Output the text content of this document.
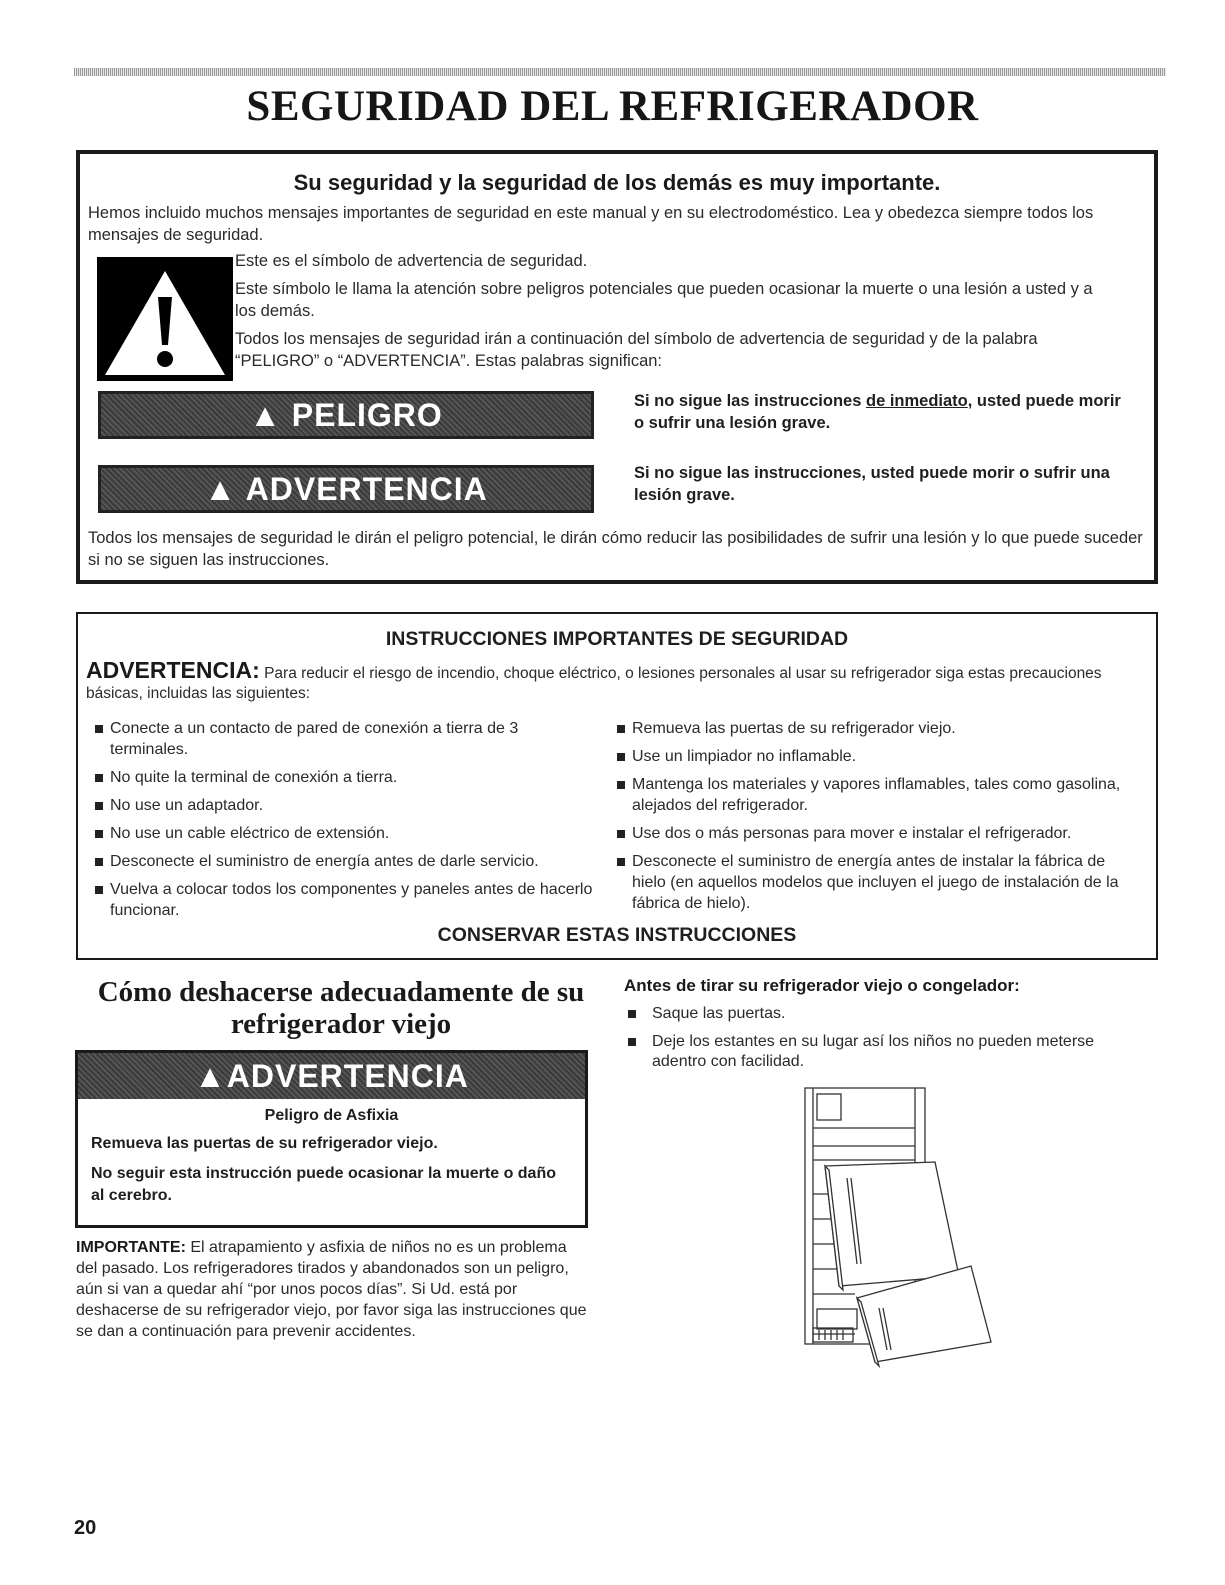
SEGURIDAD DEL REFRIGERADOR
Su seguridad y la seguridad de los demás es muy importante.
Hemos incluido muchos mensajes importantes de seguridad en este manual y en su electrodoméstico. Lea y obedezca siempre todos los mensajes de seguridad.

Este es el símbolo de advertencia de seguridad.

Este símbolo le llama la atención sobre peligros potenciales que pueden ocasionar la muerte o una lesión a usted y a los demás.

Todos los mensajes de seguridad irán a continuación del símbolo de advertencia de seguridad y de la palabra “PELIGRO” o “ADVERTENCIA”. Estas palabras significan:

▲ PELIGRO	Si no sigue las instrucciones de inmediato, usted puede morir o sufrir una lesión grave.
▲ ADVERTENCIA	Si no sigue las instrucciones, usted puede morir o sufrir una lesión grave.
Todos los mensajes de seguridad le dirán el peligro potencial, le dirán cómo reducir las posibilidades de sufrir una lesión y lo que puede suceder si no se siguen las instrucciones.
INSTRUCCIONES IMPORTANTES DE SEGURIDAD
ADVERTENCIA: Para reducir el riesgo de incendio, choque eléctrico, o lesiones personales al usar su refrigerador siga estas precauciones básicas, incluidas las siguientes:
Conecte a un contacto de pared de conexión a tierra de 3 terminales.
No quite la terminal de conexión a tierra.
No use un adaptador.
No use un cable eléctrico de extensión.
Desconecte el suministro de energía antes de darle servicio.
Vuelva a colocar todos los componentes y paneles antes de hacerlo funcionar.
Remueva las puertas de su refrigerador viejo.
Use un limpiador no inflamable.
Mantenga los materiales y vapores inflamables, tales como gasolina, alejados del refrigerador.
Use dos o más personas para mover e instalar el refrigerador.
Desconecte el suministro de energía antes de instalar la fábrica de hielo (en aquellos modelos que incluyen el juego de instalación de la fábrica de hielo).
CONSERVAR ESTAS INSTRUCCIONES
Cómo deshacerse adecuadamente de su refrigerador viejo
▲ADVERTENCIA
Peligro de Asfixia
Remueva las puertas de su refrigerador viejo.
No seguir esta instrucción puede ocasionar la muerte o daño al cerebro.
IMPORTANTE: El atrapamiento y asfixia de niños no es un problema del pasado. Los refrigeradores tirados y abandonados son un peligro, aún si van a quedar ahí “por unos pocos días”. Si Ud. está por deshacerse de su refrigerador viejo, por favor siga las instrucciones que se dan a continuación para prevenir accidentes.
Antes de tirar su refrigerador viejo o congelador:
Saque las puertas.
Deje los estantes en su lugar así los niños no pueden meterse adentro con facilidad.
20
